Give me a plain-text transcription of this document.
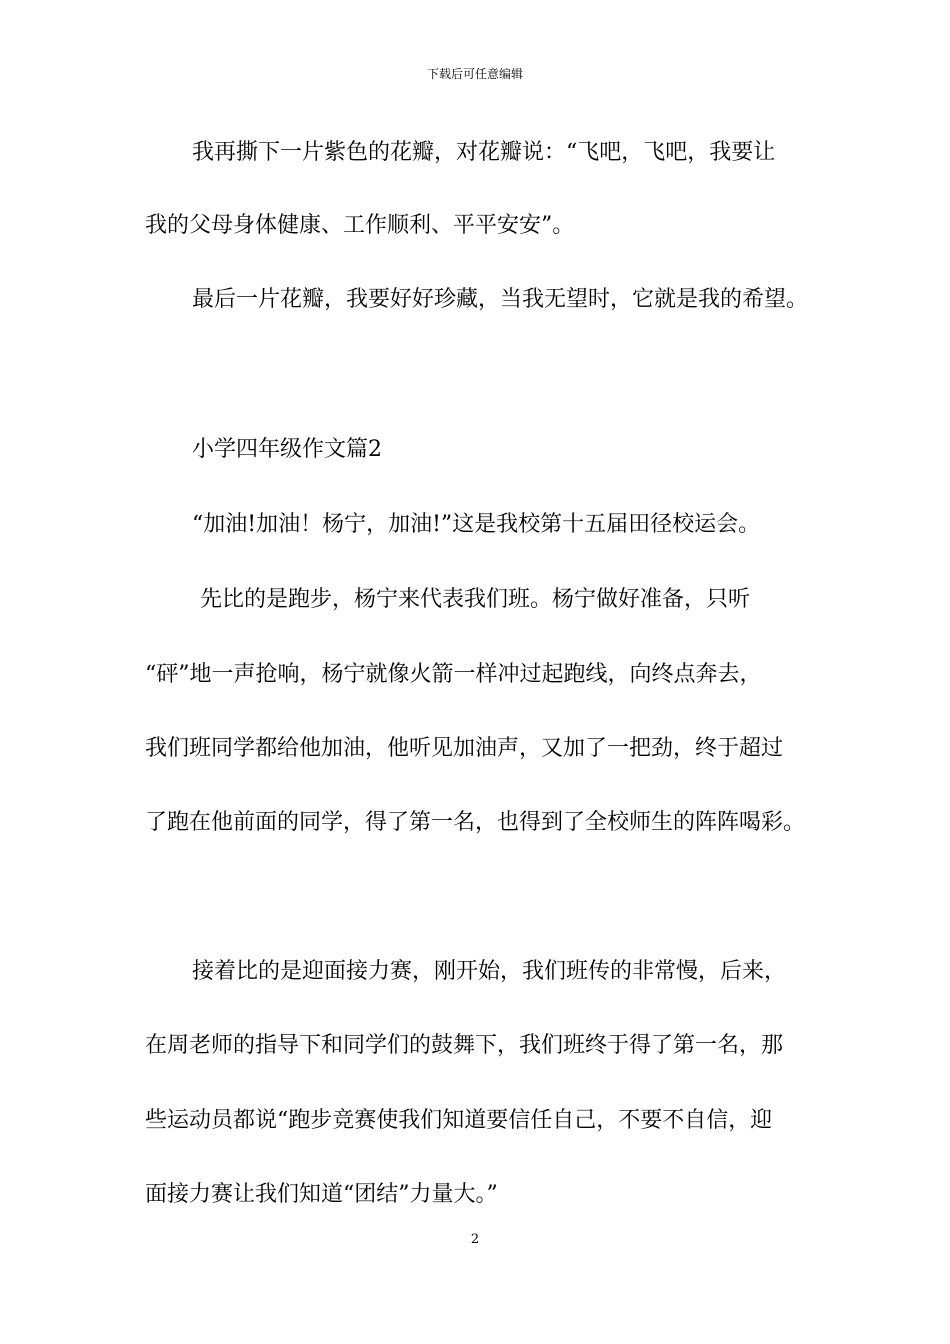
下载后可任意编辑
我再撕下一片紫色的花瓣，对花瓣说：“飞吧，飞吧，我要让
我的父母身体健康、工作顺利、平平安安”。
最后一片花瓣，我要好好珍藏，当我无望时，它就是我的希望。
小学四年级作文篇2
“加油!加油！杨宁，加油!”这是我校第十五届田径校运会。
先比的是跑步，杨宁来代表我们班。杨宁做好准备，只听
“砰”地一声抢响，杨宁就像火箭一样冲过起跑线，向终点奔去，
我们班同学都给他加油，他听见加油声，又加了一把劲，终于超过
了跑在他前面的同学，得了第一名，也得到了全校师生的阵阵喝彩。
接着比的是迎面接力赛，刚开始，我们班传的非常慢，后来，
在周老师的指导下和同学们的鼓舞下，我们班终于得了第一名，那
些运动员都说“跑步竞赛使我们知道要信任自己，不要不自信，迎
面接力赛让我们知道“团结”力量大。”
2
